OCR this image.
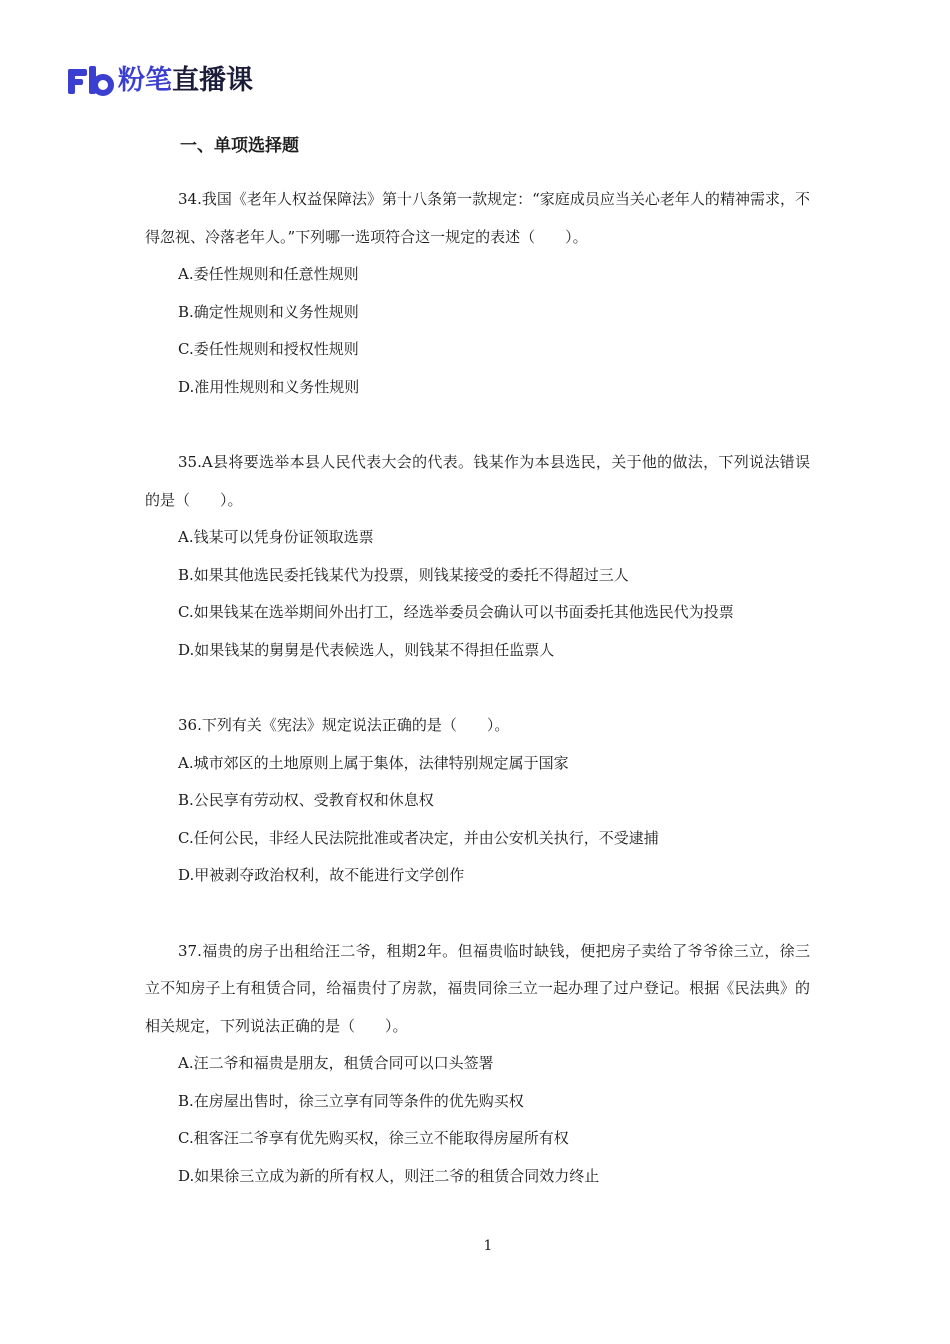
粉笔直播课
一、单项选择题

34.我国《老年人权益保障法》第十八条第一款规定：“家庭成员应当关心老年人的精神需求，不得忽视、冷落老年人。”下列哪一选项符合这一规定的表述（　　）。

A.委任性规则和任意性规则
B.确定性规则和义务性规则
C.委任性规则和授权性规则
D.准用性规则和义务性规则

35.A县将要选举本县人民代表大会的代表。钱某作为本县选民，关于他的做法，下列说法错误的是（　　）。

A.钱某可以凭身份证领取选票
B.如果其他选民委托钱某代为投票，则钱某接受的委托不得超过三人
C.如果钱某在选举期间外出打工，经选举委员会确认可以书面委托其他选民代为投票
D.如果钱某的舅舅是代表候选人，则钱某不得担任监票人

36.下列有关《宪法》规定说法正确的是（　　）。

A.城市郊区的土地原则上属于集体，法律特别规定属于国家
B.公民享有劳动权、受教育权和休息权
C.任何公民，非经人民法院批准或者决定，并由公安机关执行，不受逮捕
D.甲被剥夺政治权利，故不能进行文学创作

37.福贵的房子出租给汪二爷，租期2年。但福贵临时缺钱，便把房子卖给了爷爷徐三立，徐三立不知房子上有租赁合同，给福贵付了房款，福贵同徐三立一起办理了过户登记。根据《民法典》的相关规定，下列说法正确的是（　　）。

A.汪二爷和福贵是朋友，租赁合同可以口头签署
B.在房屋出售时，徐三立享有同等条件的优先购买权
C.租客汪二爷享有优先购买权，徐三立不能取得房屋所有权
D.如果徐三立成为新的所有权人，则汪二爷的租赁合同效力终止
1
